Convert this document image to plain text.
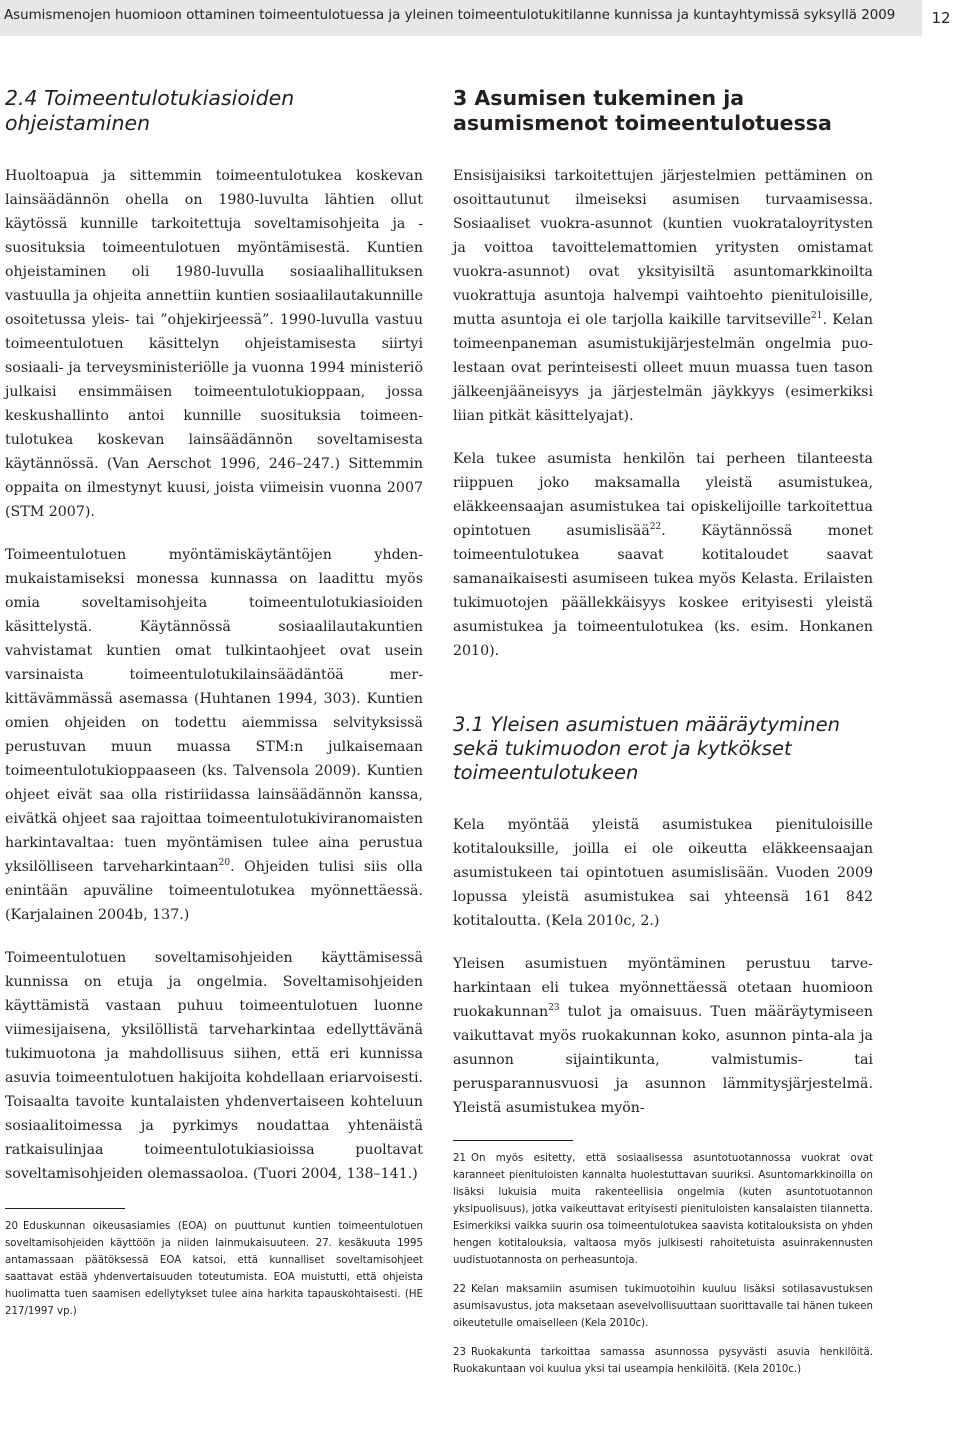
Asumismenojen huomioon ottaminen toimeentulotuessa ja yleinen toimeentulotukitilanne kunnissa ja kuntayhtymissä syksyllä 2009	12
2.4 Toimeentulotukiasioiden ohjeistaminen

Huoltoapua ja sittemmin toimeentulotukea koskevan lainsäädännön ohella on 1980-luvulta lähtien ollut käytössä kunnille tarkoitettuja soveltamisohjeita ja -suosituksia toimeentulotuen myöntämisestä. Kuntien ohjeistaminen oli 1980-luvulla sosiaalihallituksen vastuulla ja ohjeita annettiin kuntien sosiaalilautakunnille osoitetussa yleis- tai ”ohjekirjeessä”. 1990-luvulla vastuu toimeentulotuen käsittelyn ohjeistamisesta siirtyi sosiaali- ja terveysministeriölle ja vuonna 1994 ministeriö julkaisi ensimmäisen toimeentulotukioppaan, jossa keskushallinto antoi kunnille suosituksia toimeentulotukea koskevan lainsäädännön soveltamisesta käytännössä. (Van Aerschot 1996, 246–247.) Sittemmin oppaita on ilmestynyt kuusi, joista viimeisin vuonna 2007 (STM 2007).

Toimeentulotuen myöntämiskäytäntöjen yhdenmukaistamiseksi monessa kunnassa on laadittu myös omia soveltamisohjeita toimeentulotukiasioiden käsittelystä. Käytännössä sosiaalilautakuntien vahvistamat kuntien omat tulkintaohjeet ovat usein varsinaista toimeentulotukilainsäädäntöä merkittävämmässä asemassa (Huhtanen 1994, 303). Kuntien omien ohjeiden on todettu aiemmissa selvityksissä perustuvan muun muassa STM:n julkaisemaan toimeentulotukioppaaseen (ks. Talvensola 2009). Kuntien ohjeet eivät saa olla ristiriidassa lainsäädännön kanssa, eivätkä ohjeet saa rajoittaa toimeentulotukiviranomaisten harkintavaltaa: tuen myöntämisen tulee aina perustua yksilölliseen tarveharkintaan$^{20}$. Ohjeiden tulisi siis olla enintään apuväline toimeentulotukea myönnettäessä. (Karjalainen 2004b, 137.)

Toimeentulotuen soveltamisohjeiden käyttämisessä kunnissa on etuja ja ongelmia. Soveltamisohjeiden käyttämistä vastaan puhuu toimeentulotuen luonne viimesijaisena, yksilöllistä tarveharkintaa edellyttävänä tukimuotona ja mahdollisuus siihen, että eri kunnissa asuvia toimeentulotuen hakijoita kohdellaan eriarvoisesti. Toisaalta tavoite kuntalaisten yhdenvertaiseen kohteluun sosiaalitoimessa ja pyrkimys noudattaa yhtenäistä ratkaisulinjaa toimeentulotukiasioissa puoltavat soveltamisohjeiden olemassaoloa. (Tuori 2004, 138–141.)

20 Eduskunnan oikeusasiamies (EOA) on puuttunut kuntien toimeentulotuen soveltamisohjeiden käyttöön ja niiden lainmukaisuuteen. 27. kesäkuuta 1995 antamassaan päätöksessä EOA katsoi, että kunnalliset soveltamisohjeet saattavat estää yhdenvertaisuuden toteutumista. EOA muistutti, että ohjeista huolimatta tuen saamisen edellytykset tulee aina harkita tapauskohtaisesti. (HE 217/1997 vp.)

3 Asumisen tukeminen ja asumismenot toimeentulotuessa

Ensisijaisiksi tarkoitettujen järjestelmien pettäminen on osoittautunut ilmeiseksi asumisen turvaamisessa. Sosiaaliset vuokra-asunnot (kuntien vuokrataloyritysten ja voittoa tavoittelemattomien yritysten omistamat vuokra-asunnot) ovat yksityisiltä asuntomarkkinoilta vuokrattuja asuntoja halvempi vaihtoehto pienituloisille, mutta asuntoja ei ole tarjolla kaikille tarvitseville$^{21}$. Kelan toimeenpaneman asumistukijärjestelmän ongelmia puolestaan ovat perinteisesti olleet muun muassa tuen tason jälkeenjääneisyys ja järjestelmän jäykkyys (esimerkiksi liian pitkät käsittelyajat).

Kela tukee asumista henkilön tai perheen tilanteesta riippuen joko maksamalla yleistä asumistukea, eläkkeensaajan asumistukea tai opiskelijoille tarkoitettua opintotuen asumislisää$^{22}$. Käytännössä monet toimeentulotukea saavat kotitaloudet saavat samanaikaisesti asumiseen tukea myös Kelasta. Erilaisten tukimuotojen päällekkäisyys koskee erityisesti yleistä asumistukea ja toimeentulotukea (ks. esim. Honkanen 2010).

3.1 Yleisen asumistuen määräytyminen sekä tukimuodon erot ja kytkökset toimeentulotukeen

Kela myöntää yleistä asumistukea pienituloisille kotitalouksille, joilla ei ole oikeutta eläkkeensaajan asumistukeen tai opintotuen asumislisään. Vuoden 2009 lopussa yleistä asumistukea sai yhteensä 161 842 kotitaloutta. (Kela 2010c, 2.)

Yleisen asumistuen myöntäminen perustuu tarveharkintaan eli tukea myönnettäessä otetaan huomioon ruokakunnan$^{23}$ tulot ja omaisuus. Tuen määräytymiseen vaikuttavat myös ruokakunnan koko, asunnon pinta-ala ja asunnon sijaintikunta, valmistumis- tai perusparannusvuosi ja asunnon lämmitysjärjestelmä. Yleistä asumistukea myön-

21 On myös esitetty, että sosiaalisessa asuntotuotannossa vuokrat ovat karanneet pienituloisten kannalta huolestuttavan suuriksi. Asuntomarkkinoilla on lisäksi lukuisia muita rakenteellisia ongelmia (kuten asuntotuotannon yksipuolisuus), jotka vaikeuttavat erityisesti pienituloisten kansalaisten tilannetta. Esimerkiksi vaikka suurin osa toimeentulotukea saavista kotitalouksista on yhden hengen kotitalouksia, valtaosa myös julkisesti rahoitetuista asuinrakennusten uudistuotannosta on perheasuntoja.

22 Kelan maksamiin asumisen tukimuotoihin kuuluu lisäksi sotilasavustuksen asumisavustus, jota maksetaan asevelvollisuuttaan suorittavalle tai hänen tukeen oikeutetulle omaiselleen (Kela 2010c).

23 Ruokakunta tarkoittaa samassa asunnossa pysyvästi asuvia henkilöitä. Ruokakuntaan voi kuulua yksi tai useampia henkilöitä. (Kela 2010c.)
